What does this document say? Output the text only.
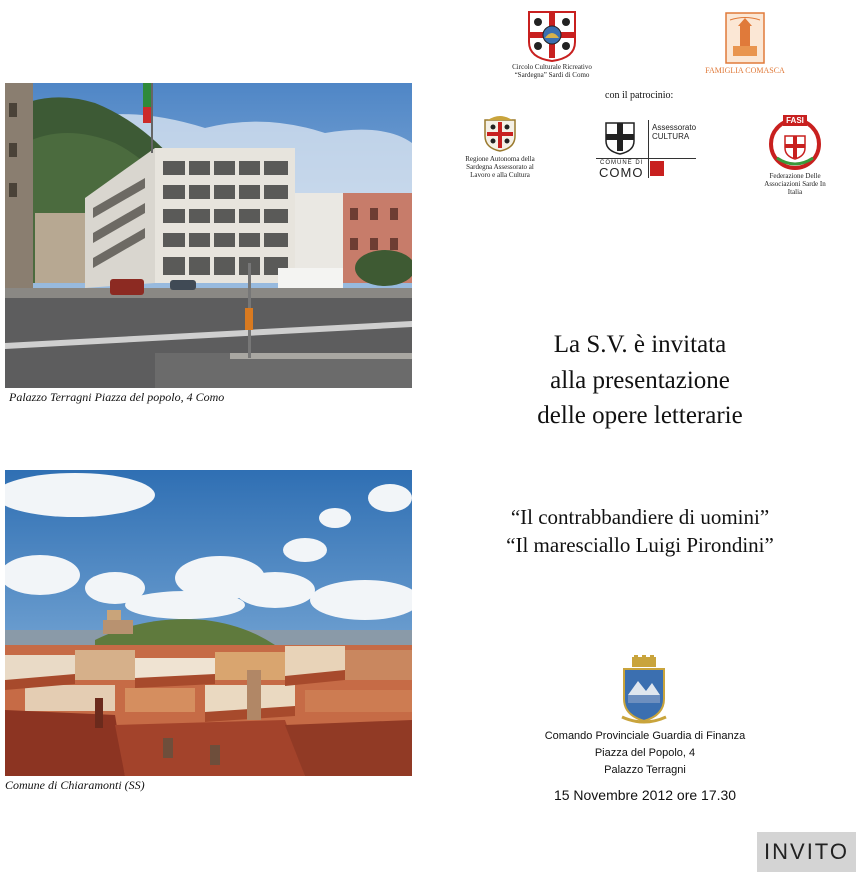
Palazzo Terragni Piazza del popolo, 4 Como
Comune di Chiaramonti (SS)
Circolo Culturale Ricreativo “Sardegna” Sardi di Como	FAMIGLIA COMASCA
con il patrocinio:
Regione Autonoma della Sardegna Assessorato al Lavoro e alla Cultura
Assessorato CULTURA
COMUNE DI
COMO
FASI
Federazione Delle Associazioni Sarde In Italia
La S.V. è invitata
alla presentazione
delle opere letterarie
“Il contrabbandiere di uomini”
“Il maresciallo Luigi Pirondini”
Comando Provinciale Guardia di Finanza
Piazza del Popolo, 4
Palazzo Terragni
15 Novembre 2012 ore 17.30
INVITO
